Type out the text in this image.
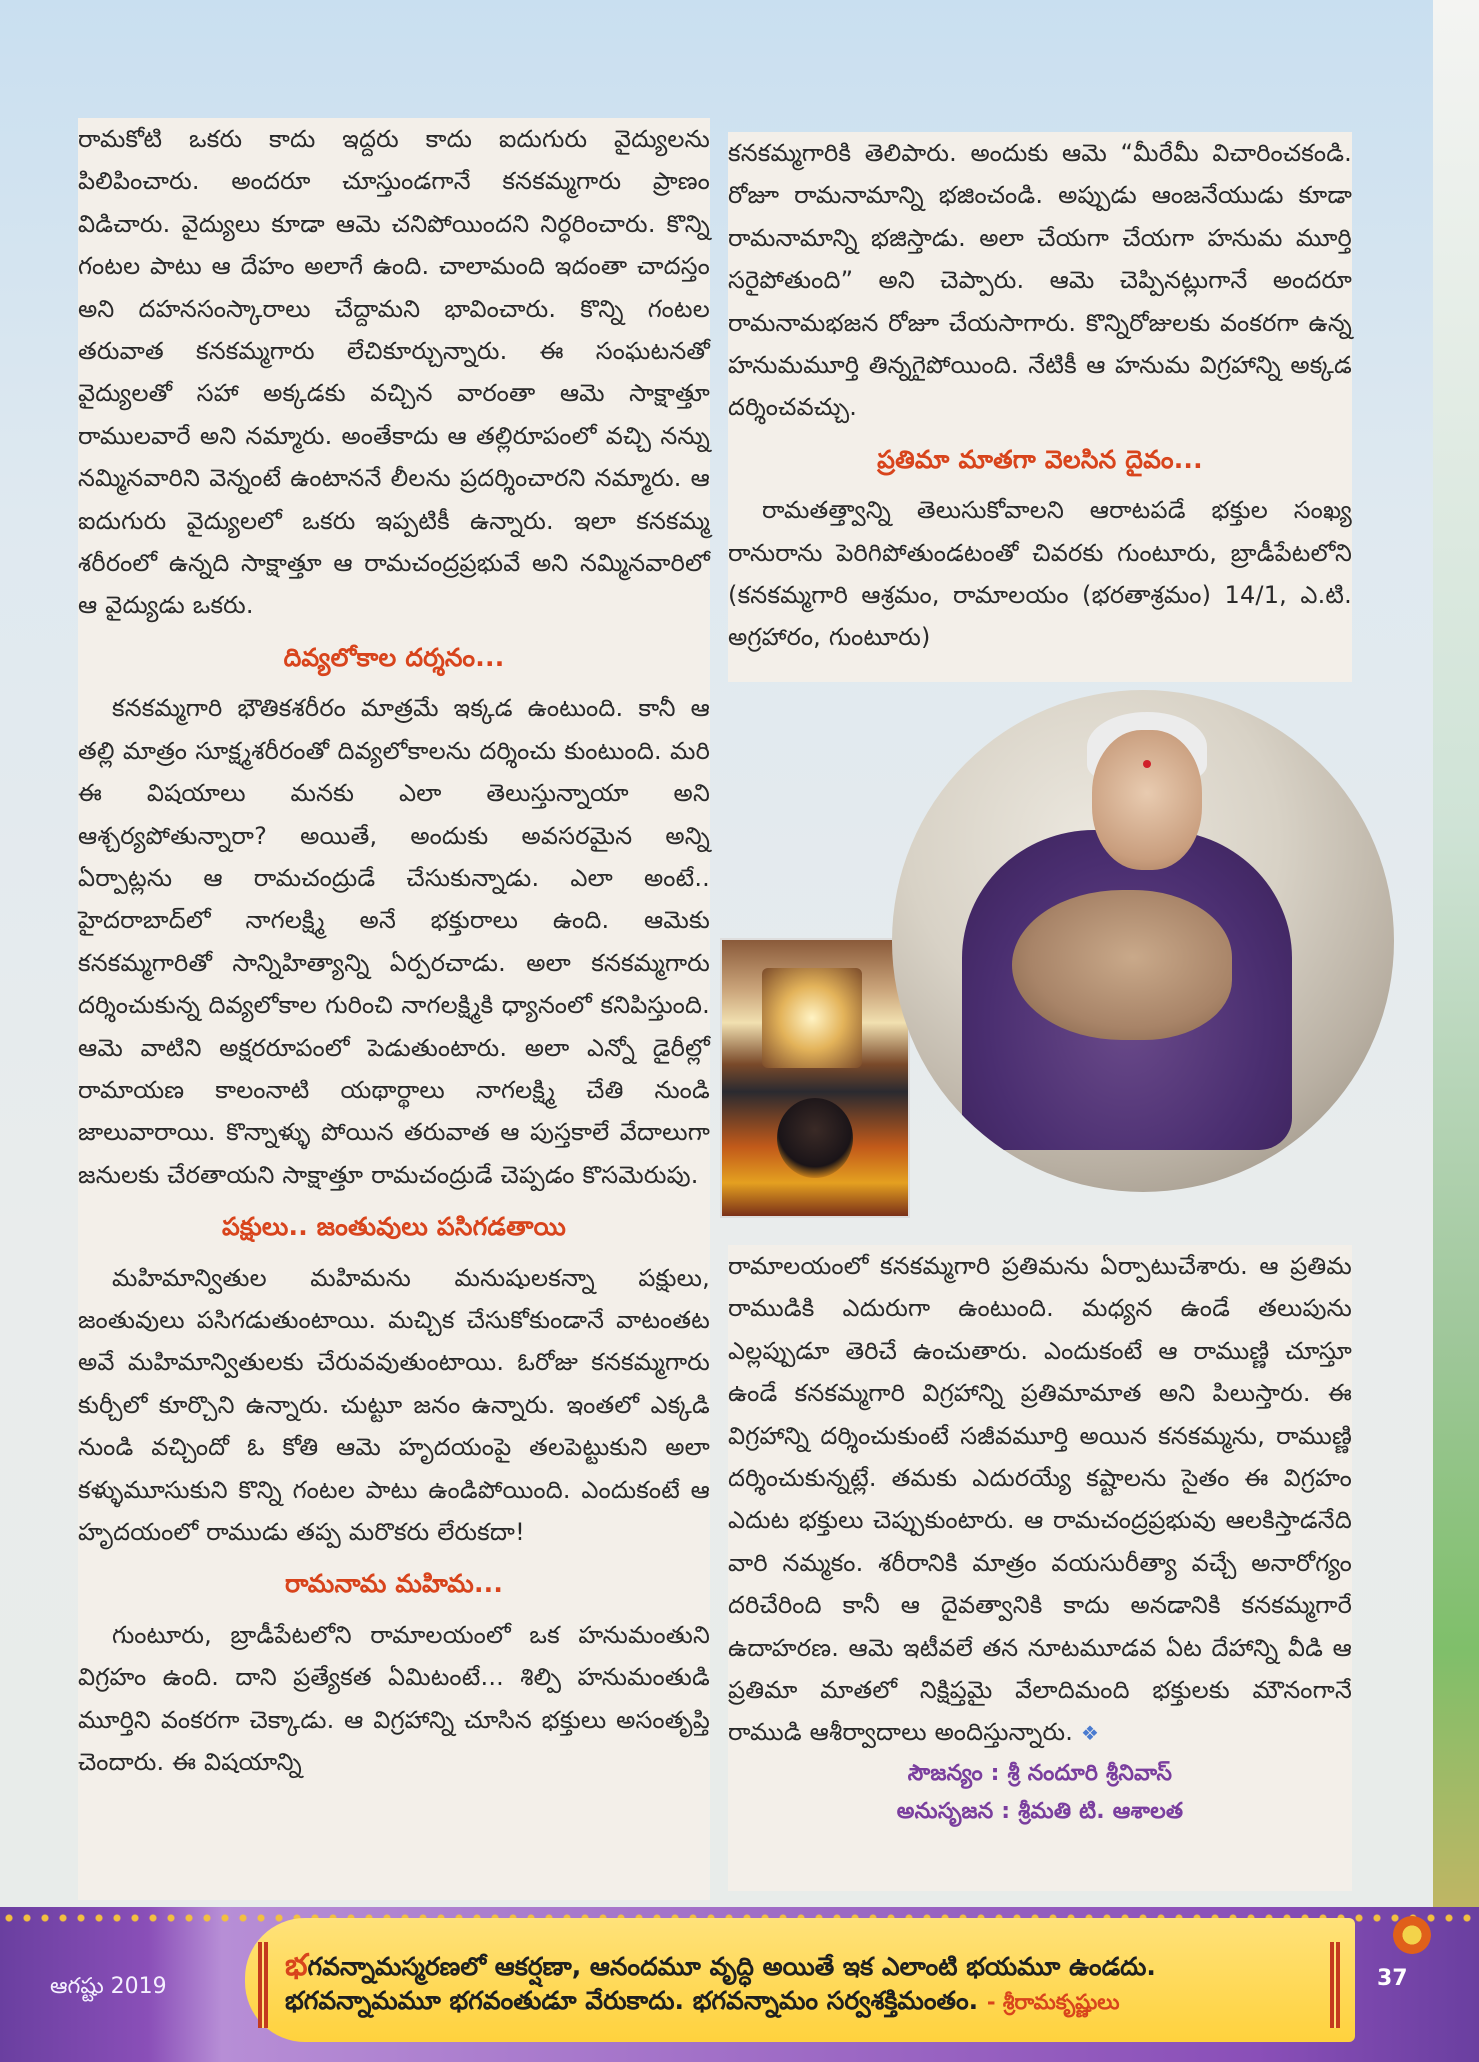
రామకోటి ఒకరు కాదు ఇద్దరు కాదు ఐదుగురు వైద్యులను పిలిపించారు. అందరూ చూస్తుండగానే కనకమ్మగారు ప్రాణం విడిచారు. వైద్యులు కూడా ఆమె చనిపోయిందని నిర్ధరించారు. కొన్ని గంటల పాటు ఆ దేహం అలాగే ఉంది. చాలామంది ఇదంతా చాదస్తం అని దహనసంస్కారాలు చేద్దామని భావించారు. కొన్ని గంటల తరువాత కనకమ్మగారు లేచికూర్చున్నారు. ఈ సంఘటనతో వైద్యులతో సహా అక్కడకు వచ్చిన వారంతా ఆమె సాక్షాత్తూ రాములవారే అని నమ్మారు. అంతేకాదు ఆ తల్లిరూపంలో వచ్చి నన్ను నమ్మినవారిని వెన్నంటే ఉంటాననే లీలను ప్రదర్శించారని నమ్మారు. ఆ ఐదుగురు వైద్యులలో ఒకరు ఇప్పటికీ ఉన్నారు. ఇలా కనకమ్మ శరీరంలో ఉన్నది సాక్షాత్తూ ఆ రామచంద్రప్రభువే అని నమ్మినవారిలో ఆ వైద్యుడు ఒకరు.

దివ్యలోకాల దర్శనం...

కనకమ్మగారి భౌతికశరీరం మాత్రమే ఇక్కడ ఉంటుంది. కానీ ఆ తల్లి మాత్రం సూక్ష్మశరీరంతో దివ్యలోకాలను దర్శించు కుంటుంది. మరి ఈ విషయాలు మనకు ఎలా తెలుస్తున్నాయా అని ఆశ్చర్యపోతున్నారా? అయితే, అందుకు అవసరమైన అన్ని ఏర్పాట్లను ఆ రామచంద్రుడే చేసుకున్నాడు. ఎలా అంటే.. హైదరాబాద్‌లో నాగలక్ష్మి అనే భక్తురాలు ఉంది. ఆమెకు కనకమ్మగారితో సాన్నిహిత్యాన్ని ఏర్పరచాడు. అలా కనకమ్మగారు దర్శించుకున్న దివ్యలోకాల గురించి నాగలక్ష్మికి ధ్యానంలో కనిపిస్తుంది. ఆమె వాటిని అక్షరరూపంలో పెడుతుంటారు. అలా ఎన్నో డైరీల్లో రామాయణ కాలంనాటి యథార్థాలు నాగలక్ష్మి చేతి నుండి జాలువారాయి. కొన్నాళ్ళు పోయిన తరువాత ఆ పుస్తకాలే వేదాలుగా జనులకు చేరతాయని సాక్షాత్తూ రామచంద్రుడే చెప్పడం కొసమెరుపు.

పక్షులు.. జంతువులు పసిగడతాయి

మహిమాన్వితుల మహిమను మనుషులకన్నా పక్షులు, జంతువులు పసిగడుతుంటాయి. మచ్చిక చేసుకోకుండానే వాటంతట అవే మహిమాన్వితులకు చేరువవుతుంటాయి. ఓరోజు కనకమ్మగారు కుర్చీలో కూర్చొని ఉన్నారు. చుట్టూ జనం ఉన్నారు. ఇంతలో ఎక్కడి నుండి వచ్చిందో ఓ కోతి ఆమె హృదయంపై తలపెట్టుకుని అలా కళ్ళుమూసుకుని కొన్ని గంటల పాటు ఉండిపోయింది. ఎందుకంటే ఆ హృదయంలో రాముడు తప్ప మరొకరు లేరుకదా!

రామనామ మహిమ...

గుంటూరు, బ్రాడీపేటలోని రామాలయంలో ఒక హనుమంతుని విగ్రహం ఉంది. దాని ప్రత్యేకత ఏమిటంటే... శిల్పి హనుమంతుడి మూర్తిని వంకరగా చెక్కాడు. ఆ విగ్రహాన్ని చూసిన భక్తులు అసంతృప్తి చెందారు. ఈ విషయాన్ని

కనకమ్మగారికి తెలిపారు. అందుకు ఆమె “మీరేమీ విచారించకండి. రోజూ రామనామాన్ని భజించండి. అప్పుడు ఆంజనేయుడు కూడా రామనామాన్ని భజిస్తాడు. అలా చేయగా చేయగా హనుమ మూర్తి సరైపోతుంది” అని చెప్పారు. ఆమె చెప్పినట్లుగానే అందరూ రామనామభజన రోజూ చేయసాగారు. కొన్నిరోజులకు వంకరగా ఉన్న హనుమమూర్తి తిన్నగైపోయింది. నేటికీ ఆ హనుమ విగ్రహాన్ని అక్కడ దర్శించవచ్చు.

ప్రతిమా మాతగా వెలసిన దైవం...

రామతత్త్వాన్ని తెలుసుకోవాలని ఆరాటపడే భక్తుల సంఖ్య రానురాను పెరిగిపోతుండటంతో చివరకు గుంటూరు, బ్రాడీపేటలోని (కనకమ్మగారి ఆశ్రమం, రామాలయం (భరతాశ్రమం) 14/1, ఎ.టి. అగ్రహారం, గుంటూరు)

రామాలయంలో కనకమ్మగారి ప్రతిమను ఏర్పాటుచేశారు. ఆ ప్రతిమ రాముడికి ఎదురుగా ఉంటుంది. మధ్యన ఉండే తలుపును ఎల్లప్పుడూ తెరిచే ఉంచుతారు. ఎందుకంటే ఆ రాముణ్ణి చూస్తూ ఉండే కనకమ్మగారి విగ్రహాన్ని ప్రతిమామాత అని పిలుస్తారు. ఈ విగ్రహాన్ని దర్శించుకుంటే సజీవమూర్తి అయిన కనకమ్మను, రాముణ్ణి దర్శించుకున్నట్లే. తమకు ఎదురయ్యే కష్టాలను సైతం ఈ విగ్రహం ఎదుట భక్తులు చెప్పుకుంటారు. ఆ రామచంద్రప్రభువు ఆలకిస్తాడనేది వారి నమ్మకం. శరీరానికి మాత్రం వయసురీత్యా వచ్చే అనారోగ్యం దరిచేరింది కానీ ఆ దైవత్వానికి కాదు అనడానికి కనకమ్మగారే ఉదాహరణ. ఆమె ఇటీవలే తన నూటమూడవ ఏట దేహాన్ని వీడి ఆ ప్రతిమా మాతలో నిక్షిప్తమై వేలాదిమంది భక్తులకు మౌనంగానే రాముడి ఆశీర్వాదాలు అందిస్తున్నారు. ❖

సౌజన్యం : శ్రీ నందూరి శ్రీనివాస్
అనుసృజన : శ్రీమతి టి. ఆశాలత

భగవన్నామస్మరణలో ఆకర్షణా, ఆనందమూ వృద్ధి అయితే ఇక ఎలాంటి భయమూ ఉండదు.
భగవన్నామమూ భగవంతుడూ వేరుకాదు. భగవన్నామం సర్వశక్తిమంతం. - శ్రీరామకృష్ణులు
ఆగష్టు 2019	37
